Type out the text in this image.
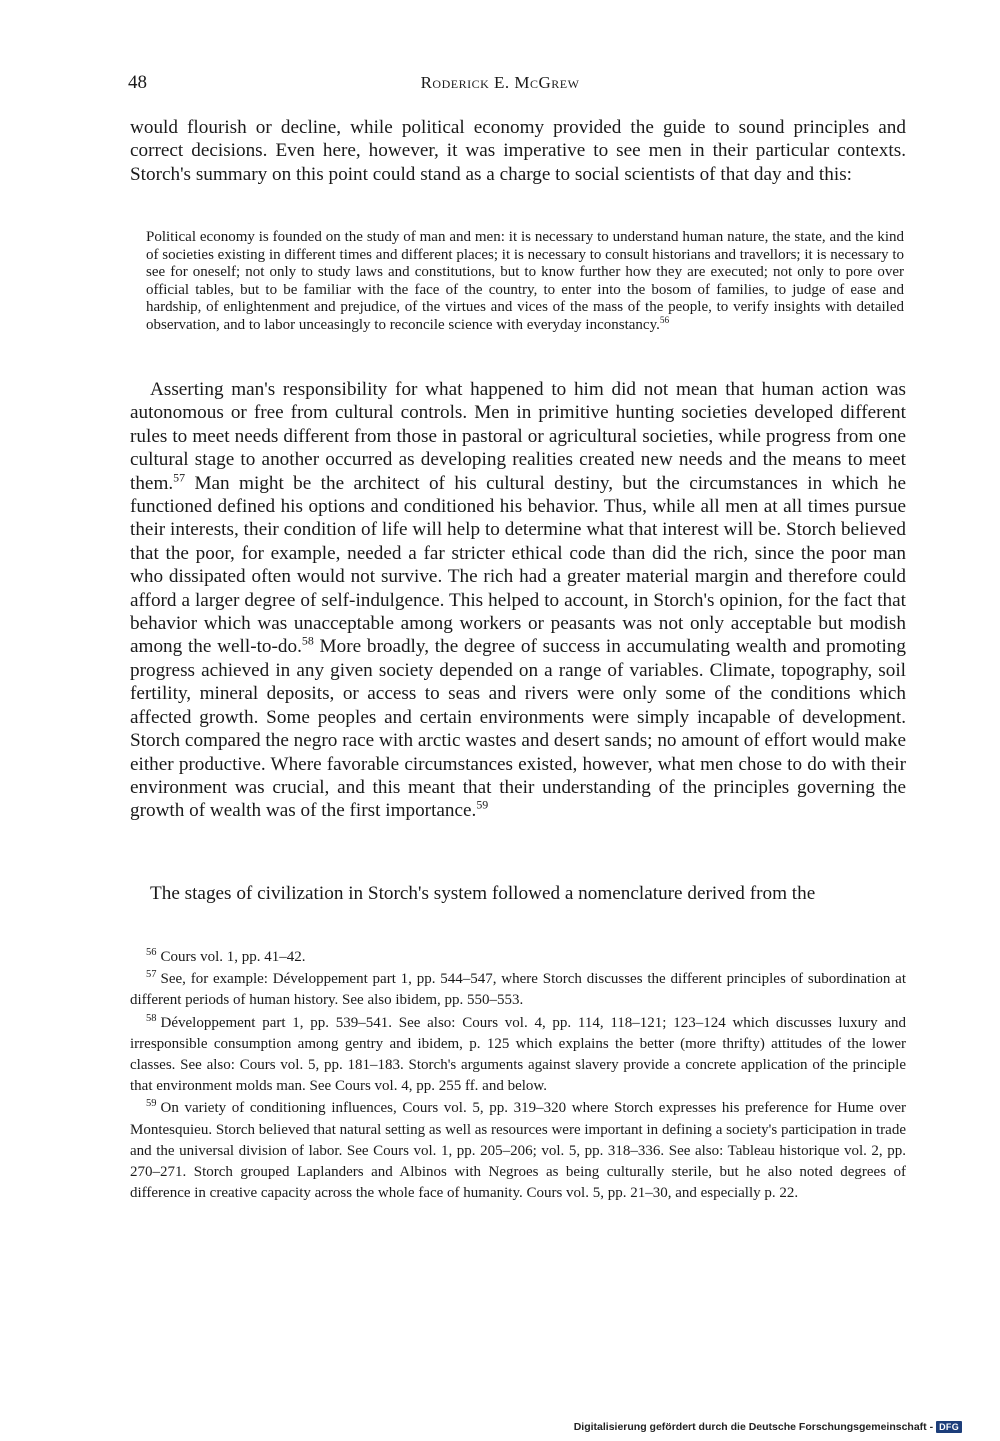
48	Roderick E. McGrew

would flourish or decline, while political economy provided the guide to sound principles and correct decisions. Even here, however, it was imperative to see men in their particular contexts. Storch's summary on this point could stand as a charge to social scientists of that day and this:

Political economy is founded on the study of man and men: it is necessary to understand human nature, the state, and the kind of societies existing in different times and different places; it is necessary to consult historians and travellors; it is necessary to see for oneself; not only to study laws and constitutions, but to know further how they are executed; not only to pore over official tables, but to be familiar with the face of the country, to enter into the bosom of families, to judge of ease and hardship, of enlightenment and prejudice, of the virtues and vices of the mass of the people, to verify insights with detailed observation, and to labor unceasingly to reconcile science with everyday inconstancy.$^{56}$

Asserting man's responsibility for what happened to him did not mean that human action was autonomous or free from cultural controls. Men in primitive hunting societies developed different rules to meet needs different from those in pastoral or agricultural societies, while progress from one cultural stage to another occurred as developing realities created new needs and the means to meet them.$^{57}$ Man might be the architect of his cultural destiny, but the circumstances in which he functioned defined his options and conditioned his behavior. Thus, while all men at all times pursue their interests, their condition of life will help to determine what that interest will be. Storch believed that the poor, for example, needed a far stricter ethical code than did the rich, since the poor man who dissipated often would not survive. The rich had a greater material margin and therefore could afford a larger degree of self-indulgence. This helped to account, in Storch's opinion, for the fact that behavior which was unacceptable among workers or peasants was not only acceptable but modish among the well-to-do.$^{58}$ More broadly, the degree of success in accumulating wealth and promoting progress achieved in any given society depended on a range of variables. Climate, topography, soil fertility, mineral deposits, or access to seas and rivers were only some of the conditions which affected growth. Some peoples and certain environments were simply incapable of development. Storch compared the negro race with arctic wastes and desert sands; no amount of effort would make either productive. Where favorable circumstances existed, however, what men chose to do with their environment was crucial, and this meant that their understanding of the principles governing the growth of wealth was of the first importance.$^{59}$

The stages of civilization in Storch's system followed a nomenclature derived from the

$^{56}$ Cours vol. 1, pp. 41–42.

$^{57}$ See, for example: Développement part 1, pp. 544–547, where Storch discusses the different principles of subordination at different periods of human history. See also ibidem, pp. 550–553.

$^{58}$ Développement part 1, pp. 539–541. See also: Cours vol. 4, pp. 114, 118–121; 123–124 which discusses luxury and irresponsible consumption among gentry and ibidem, p. 125 which explains the better (more thrifty) attitudes of the lower classes. See also: Cours vol. 5, pp. 181–183. Storch's arguments against slavery provide a concrete application of the principle that environment molds man. See Cours vol. 4, pp. 255 ff. and below.

$^{59}$ On variety of conditioning influences, Cours vol. 5, pp. 319–320 where Storch expresses his preference for Hume over Montesquieu. Storch believed that natural setting as well as resources were important in defining a society's participation in trade and the universal division of labor. See Cours vol. 1, pp. 205–206; vol. 5, pp. 318–336. See also: Tableau historique vol. 2, pp. 270–271. Storch grouped Laplanders and Albinos with Negroes as being culturally sterile, but he also noted degrees of difference in creative capacity across the whole face of humanity. Cours vol. 5, pp. 21–30, and especially p. 22.

Digitalisierung gefördert durch die Deutsche Forschungsgemeinschaft - DFG
